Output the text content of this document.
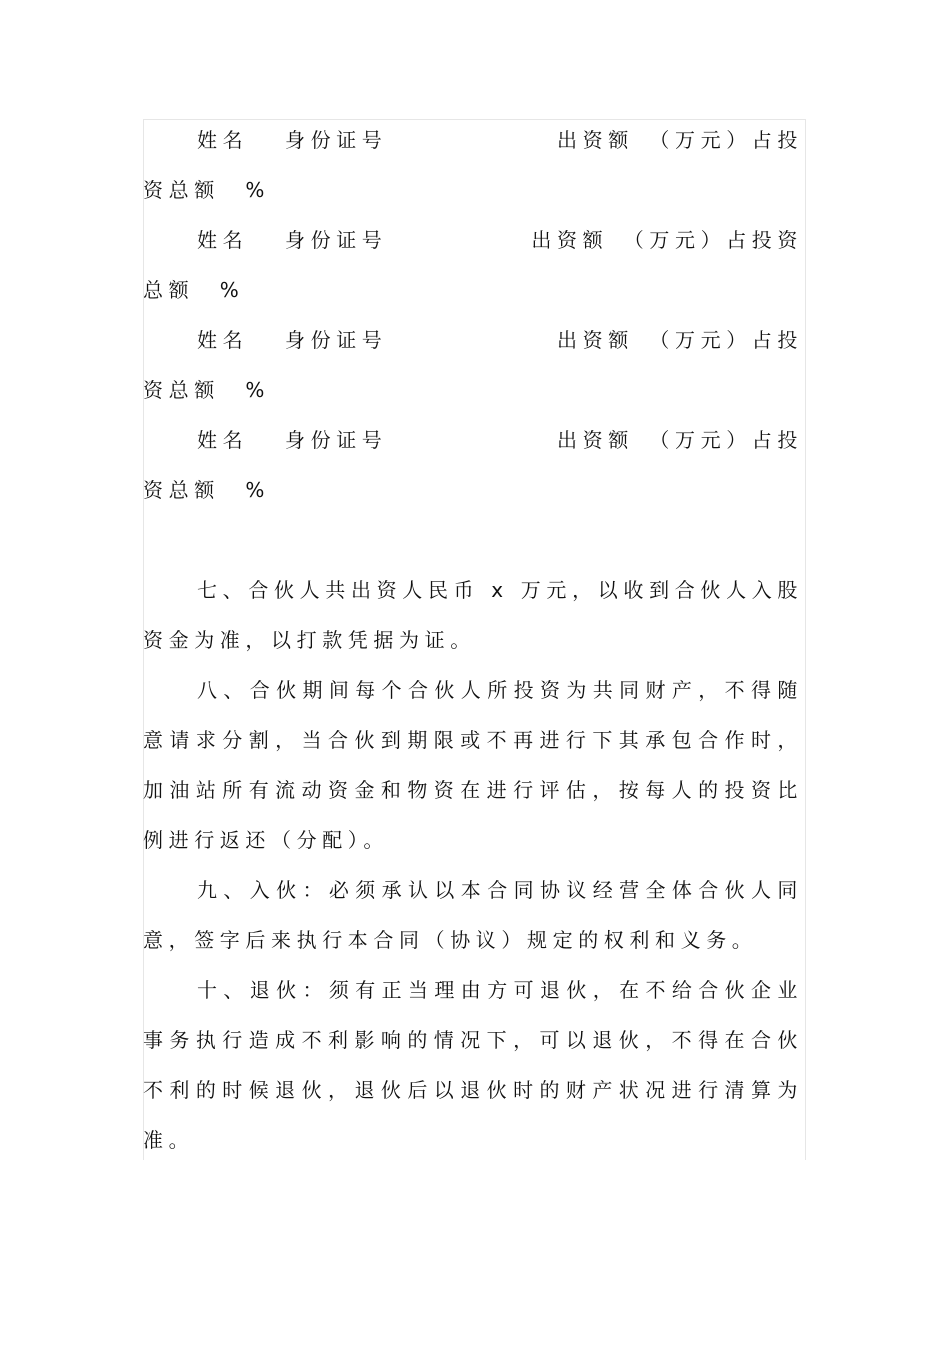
姓名 身份证号	出资额　（万元）占投
资总额　%
姓名 身份证号	出资额　（万元）占投资
总额　%
姓名 身份证号	出资额　（万元）占投
资总额　%
姓名 身份证号	出资额　（万元）占投
资总额　%

七、合伙人共出资人民币 x 万元，以收到合伙人入股资金为准，以打款凭据为证。

八、合伙期间每个合伙人所投资为共同财产，不得随意请求分割，当合伙到期限或不再进行下其承包合作时，加油站所有流动资金和物资在进行评估，按每人的投资比例进行返还（分配）。

九、入伙：必须承认以本合同协议经营全体合伙人同意，签字后来执行本合同（协议）规定的权利和义务。

十、退伙：须有正当理由方可退伙，在不给合伙企业事务执行造成不利影响的情况下，可以退伙，不得在合伙不利的时候退伙，退伙后以退伙时的财产状况进行清算为准。
